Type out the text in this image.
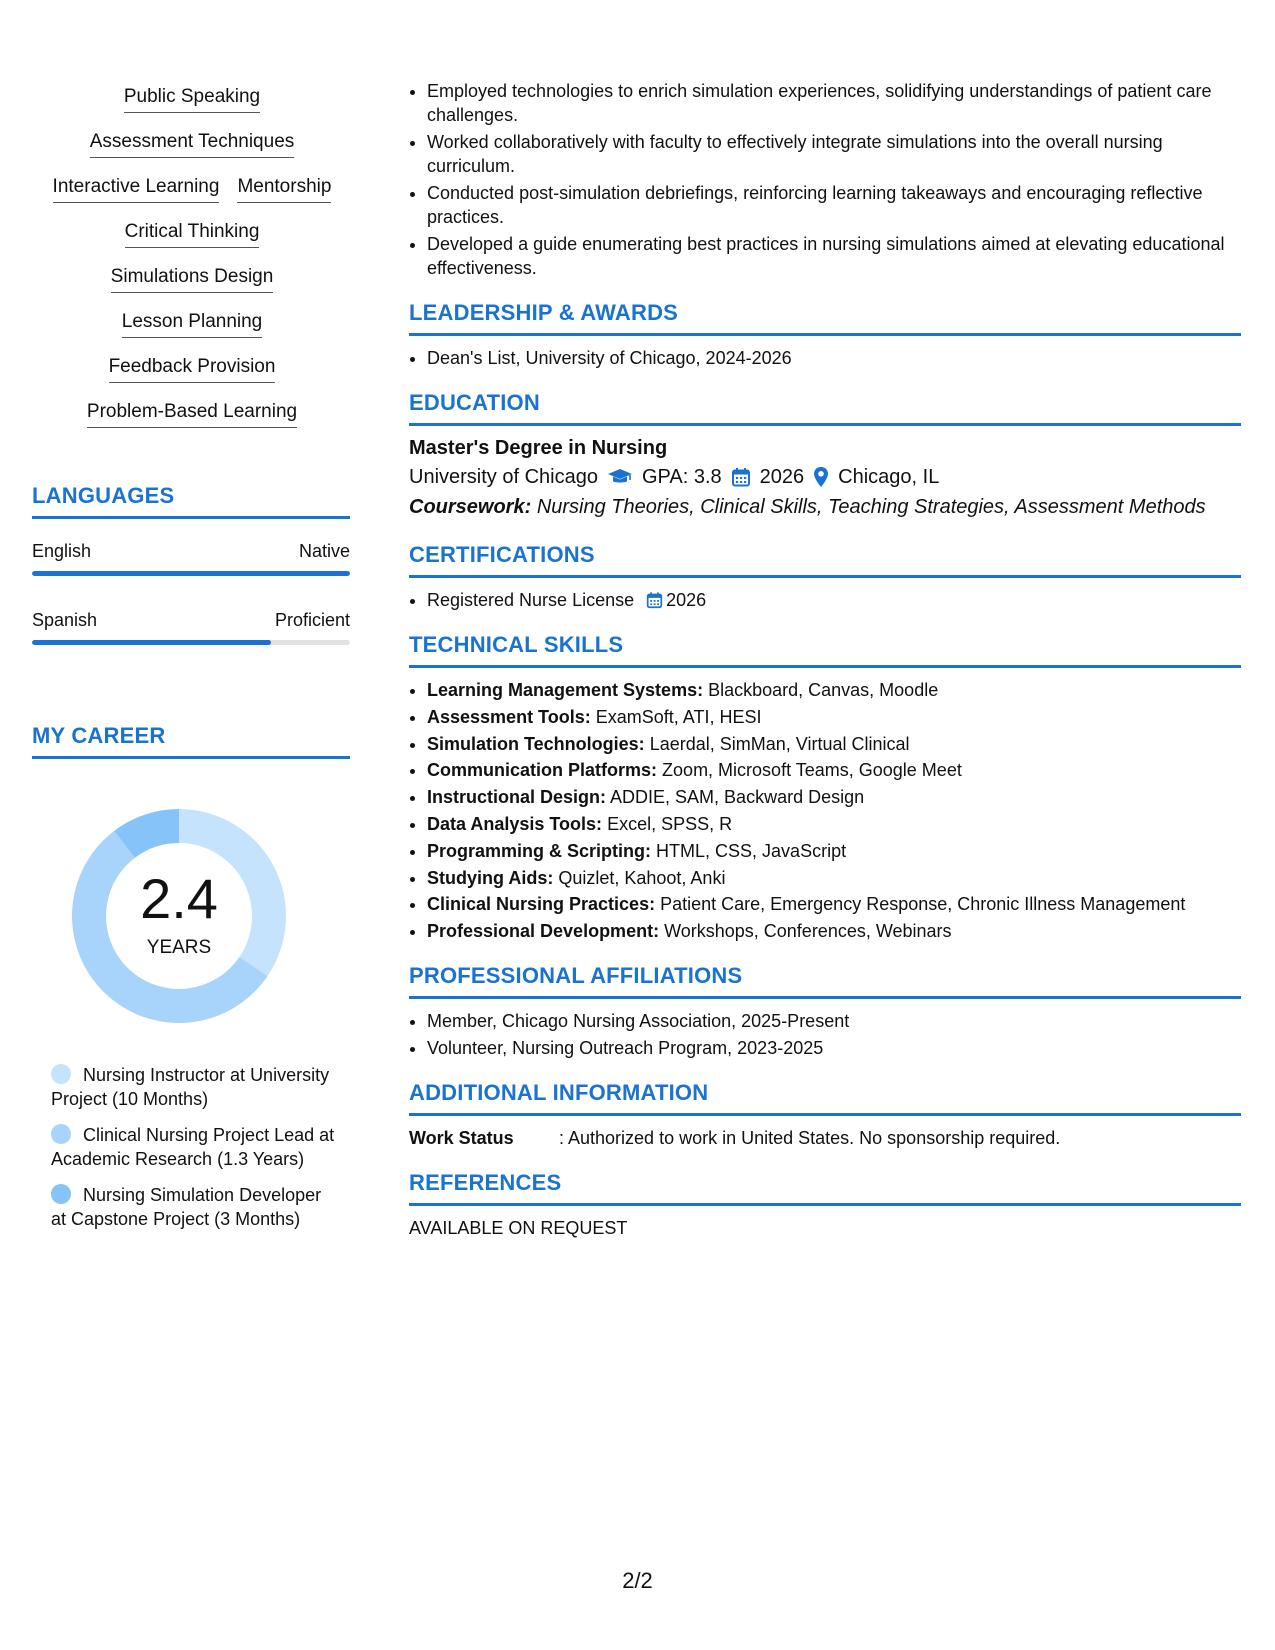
Public Speaking
Assessment Techniques
Interactive Learning Mentorship
Critical Thinking
Simulations Design
Lesson Planning
Feedback Provision
Problem-Based Learning
LANGUAGES
English	Native
Spanish	Proficient
MY CAREER
2.4
YEARS
Nursing Instructor at University Project (10 Months)
Clinical Nursing Project Lead at Academic Research (1.3 Years)
Nursing Simulation Developer at Capstone Project (3 Months)
• Employed technologies to enrich simulation experiences, solidifying understandings of patient care challenges.
• Worked collaboratively with faculty to effectively integrate simulations into the overall nursing curriculum.
• Conducted post-simulation debriefings, reinforcing learning takeaways and encouraging reflective practices.
• Developed a guide enumerating best practices in nursing simulations aimed at elevating educational effectiveness.
LEADERSHIP & AWARDS
• Dean's List, University of Chicago, 2024-2026
EDUCATION
Master's Degree in Nursing
University of Chicago GPA: 3.8 2026 Chicago, IL
Coursework: Nursing Theories, Clinical Skills, Teaching Strategies, Assessment Methods
CERTIFICATIONS
• Registered Nurse License 2026
TECHNICAL SKILLS
• Learning Management Systems: Blackboard, Canvas, Moodle
• Assessment Tools: ExamSoft, ATI, HESI
• Simulation Technologies: Laerdal, SimMan, Virtual Clinical
• Communication Platforms: Zoom, Microsoft Teams, Google Meet
• Instructional Design: ADDIE, SAM, Backward Design
• Data Analysis Tools: Excel, SPSS, R
• Programming & Scripting: HTML, CSS, JavaScript
• Studying Aids: Quizlet, Kahoot, Anki
• Clinical Nursing Practices: Patient Care, Emergency Response, Chronic Illness Management
• Professional Development: Workshops, Conferences, Webinars
PROFESSIONAL AFFILIATIONS
• Member, Chicago Nursing Association, 2025-Present
• Volunteer, Nursing Outreach Program, 2023-2025
ADDITIONAL INFORMATION
Work Status	: Authorized to work in United States. No sponsorship required.
REFERENCES
AVAILABLE ON REQUEST
2/2
